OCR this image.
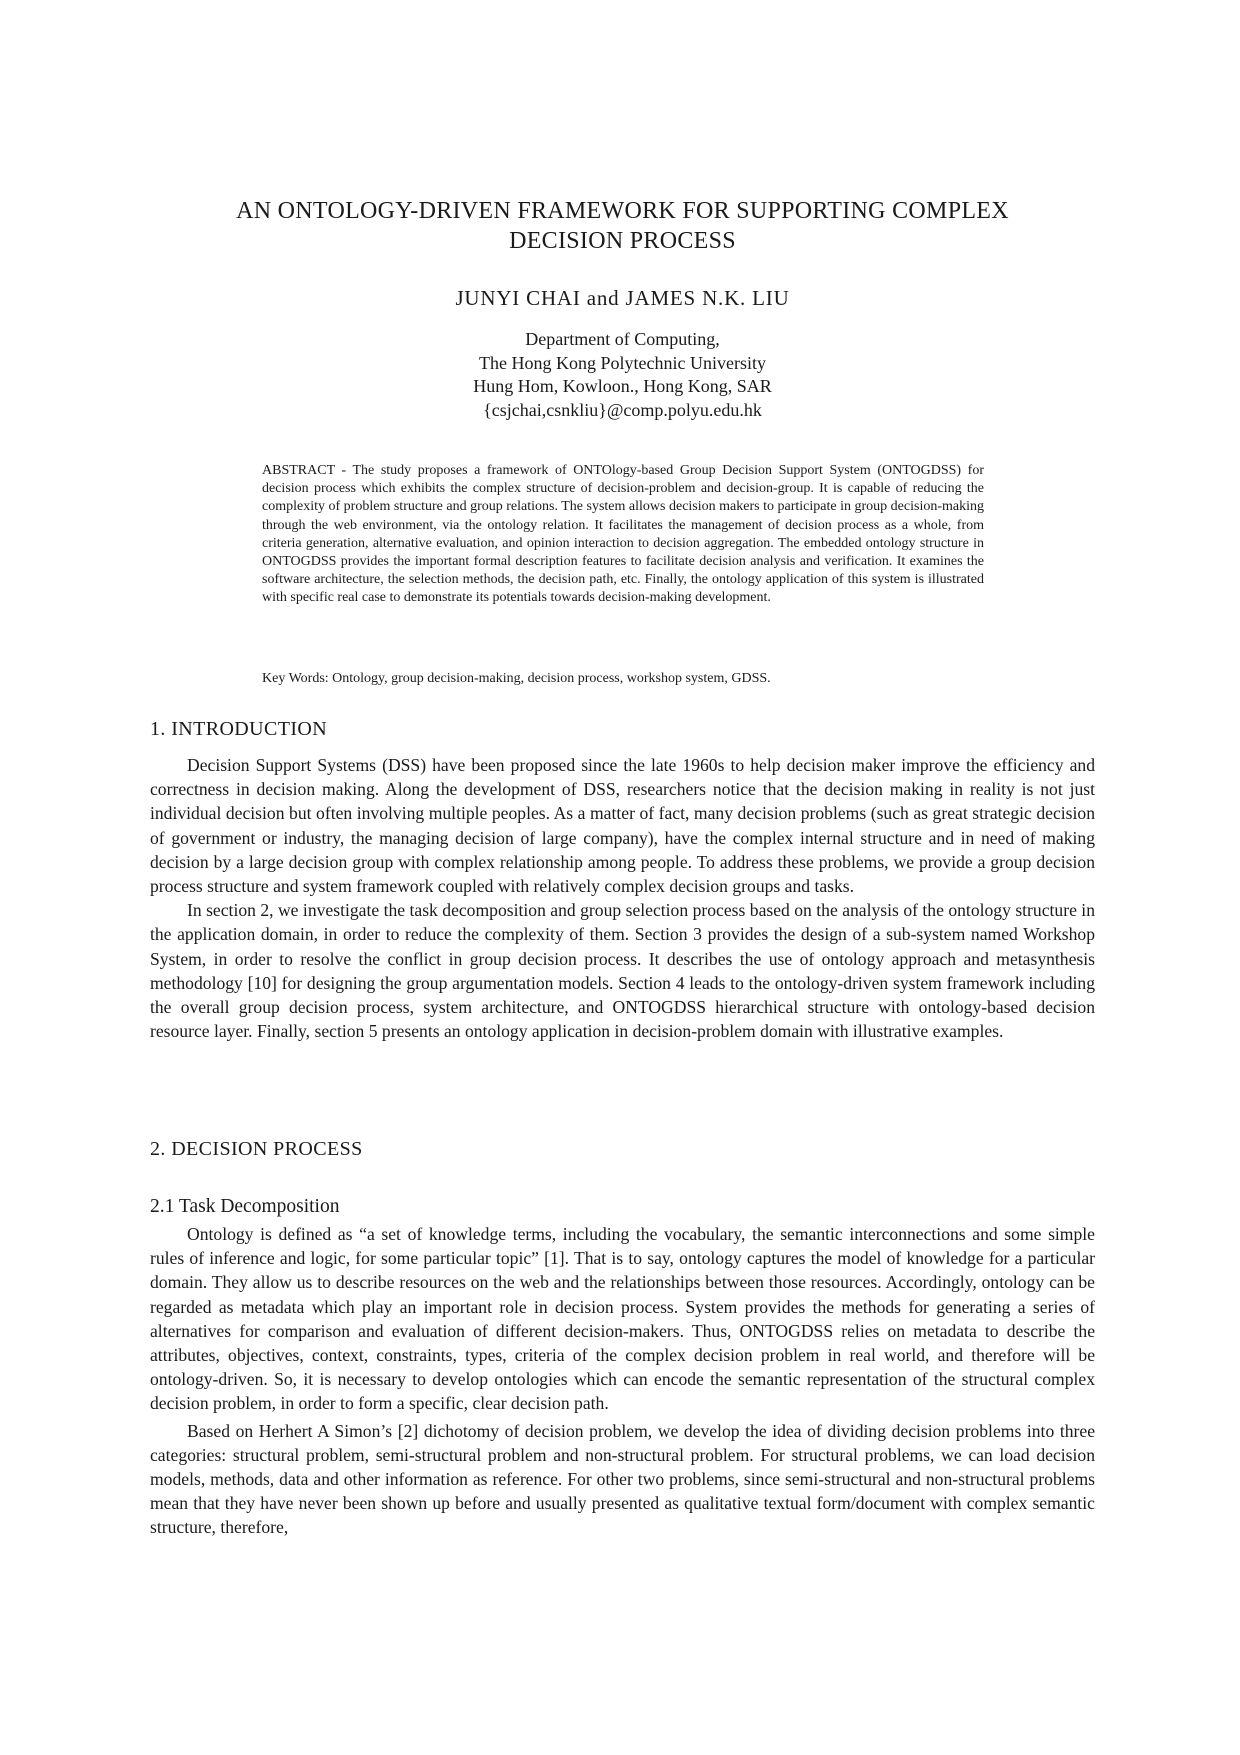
AN ONTOLOGY-DRIVEN FRAMEWORK FOR SUPPORTING COMPLEX
DECISION PROCESS
JUNYI CHAI and JAMES N.K. LIU
Department of Computing,
The Hong Kong Polytechnic University
Hung Hom, Kowloon., Hong Kong, SAR
{csjchai,csnkliu}@comp.polyu.edu.hk
ABSTRACT - The study proposes a framework of ONTOlogy-based Group Decision Support System (ONTOGDSS) for decision process which exhibits the complex structure of decision-problem and decision-group. It is capable of reducing the complexity of problem structure and group relations. The system allows decision makers to participate in group decision-making through the web environment, via the ontology relation. It facilitates the management of decision process as a whole, from criteria generation, alternative evaluation, and opinion interaction to decision aggregation. The embedded ontology structure in ONTOGDSS provides the important formal description features to facilitate decision analysis and verification. It examines the software architecture, the selection methods, the decision path, etc. Finally, the ontology application of this system is illustrated with specific real case to demonstrate its potentials towards decision-making development.
Key Words: Ontology, group decision-making, decision process, workshop system, GDSS.
1. INTRODUCTION

Decision Support Systems (DSS) have been proposed since the late 1960s to help decision maker improve the efficiency and correctness in decision making. Along the development of DSS, researchers notice that the decision making in reality is not just individual decision but often involving multiple peoples. As a matter of fact, many decision problems (such as great strategic decision of government or industry, the managing decision of large company), have the complex internal structure and in need of making decision by a large decision group with complex relationship among people. To address these problems, we provide a group decision process structure and system framework coupled with relatively complex decision groups and tasks.

In section 2, we investigate the task decomposition and group selection process based on the analysis of the ontology structure in the application domain, in order to reduce the complexity of them. Section 3 provides the design of a sub-system named Workshop System, in order to resolve the conflict in group decision process. It describes the use of ontology approach and metasynthesis methodology [10] for designing the group argumentation models. Section 4 leads to the ontology-driven system framework including the overall group decision process, system architecture, and ONTOGDSS hierarchical structure with ontology-based decision resource layer. Finally, section 5 presents an ontology application in decision-problem domain with illustrative examples.

2. DECISION PROCESS
2.1 Task Decomposition

Ontology is defined as “a set of knowledge terms, including the vocabulary, the semantic interconnections and some simple rules of inference and logic, for some particular topic” [1]. That is to say, ontology captures the model of knowledge for a particular domain. They allow us to describe resources on the web and the relationships between those resources. Accordingly, ontology can be regarded as metadata which play an important role in decision process. System provides the methods for generating a series of alternatives for comparison and evaluation of different decision-makers. Thus, ONTOGDSS relies on metadata to describe the attributes, objectives, context, constraints, types, criteria of the complex decision problem in real world, and therefore will be ontology-driven. So, it is necessary to develop ontologies which can encode the semantic representation of the structural complex decision problem, in order to form a specific, clear decision path.

Based on Herhert A Simon’s [2] dichotomy of decision problem, we develop the idea of dividing decision problems into three categories: structural problem, semi-structural problem and non-structural problem. For structural problems, we can load decision models, methods, data and other information as reference. For other two problems, since semi-structural and non-structural problems mean that they have never been shown up before and usually presented as qualitative textual form/document with complex semantic structure, therefore,
